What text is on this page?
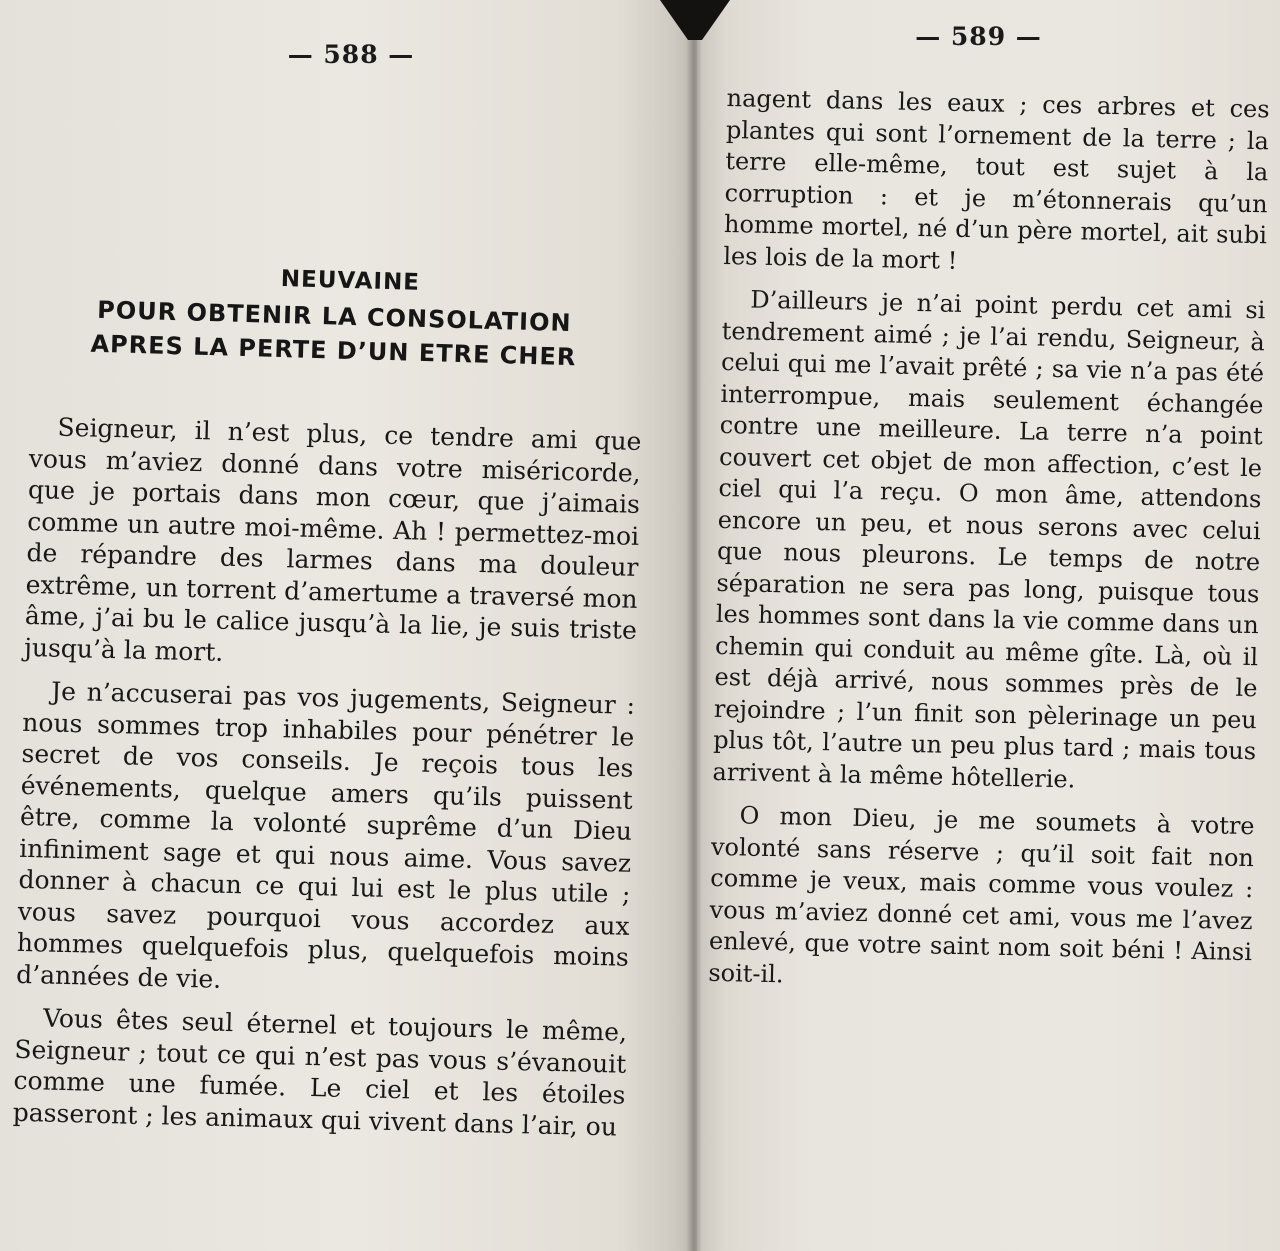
— 588 —
NEUVAINE
POUR OBTENIR LA CONSOLATION
APRES LA PERTE D’UN ETRE CHER

Seigneur, il n’est plus, ce tendre ami que vous m’aviez donné dans votre miséricorde, que je portais dans mon cœur, que j’aimais comme un autre moi-même. Ah ! permettez-moi de répandre des larmes dans ma douleur extrême, un torrent d’amertume a traversé mon âme, j’ai bu le calice jusqu’à la lie, je suis triste jusqu’à la mort.

Je n’accuserai pas vos jugements, Seigneur : nous sommes trop inhabiles pour pénétrer le secret de vos conseils. Je reçois tous les événements, quelque amers qu’ils puissent être, comme la volonté suprême d’un Dieu infiniment sage et qui nous aime. Vous savez donner à chacun ce qui lui est le plus utile ; vous savez pourquoi vous accordez aux hommes quelquefois plus, quelquefois moins d’années de vie.

Vous êtes seul éternel et toujours le même, Seigneur ; tout ce qui n’est pas vous s’évanouit comme une fumée. Le ciel et les étoiles passeront ; les animaux qui vivent dans l’air, ou

— 589 —

nagent dans les eaux ; ces arbres et ces plantes qui sont l’ornement de la terre ; la terre elle-même, tout est sujet à la corruption : et je m’étonnerais qu’un homme mortel, né d’un père mortel, ait subi les lois de la mort !

D’ailleurs je n’ai point perdu cet ami si tendrement aimé ; je l’ai rendu, Seigneur, à celui qui me l’avait prêté ; sa vie n’a pas été interrompue, mais seulement échangée contre une meilleure. La terre n’a point couvert cet objet de mon affection, c’est le ciel qui l’a reçu. O mon âme, attendons encore un peu, et nous serons avec celui que nous pleurons. Le temps de notre séparation ne sera pas long, puisque tous les hommes sont dans la vie comme dans un chemin qui conduit au même gîte. Là, où il est déjà arrivé, nous sommes près de le rejoindre ; l’un finit son pèlerinage un peu plus tôt, l’autre un peu plus tard ; mais tous arrivent à la même hôtellerie.

O mon Dieu, je me soumets à votre volonté sans réserve ; qu’il soit fait non comme je veux, mais comme vous voulez : vous m’aviez donné cet ami, vous me l’avez enlevé, que votre saint nom soit béni ! Ainsi soit-il.
